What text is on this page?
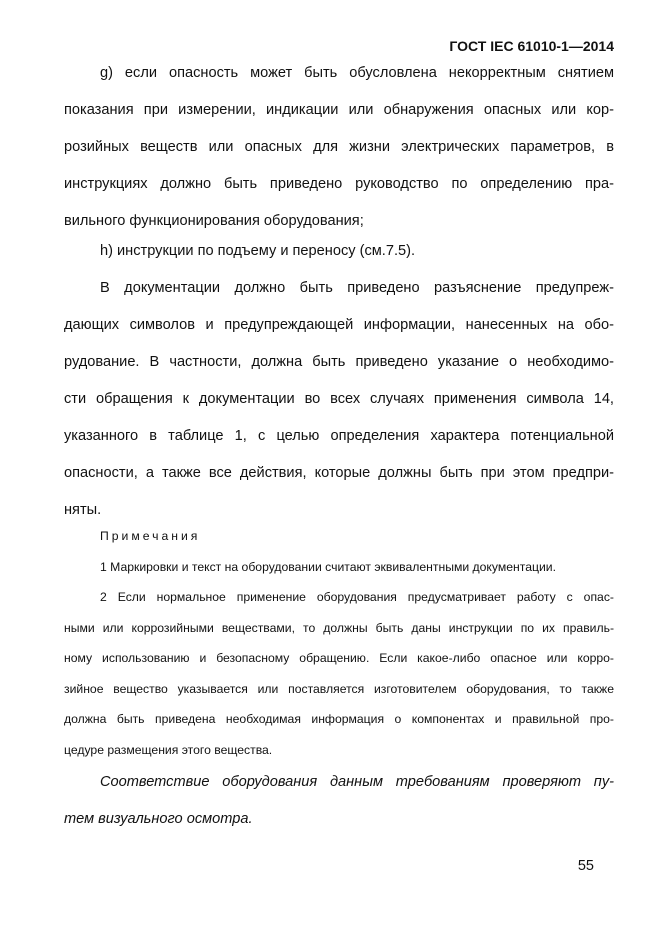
ГОСТ IEC 61010-1—2014
g) если опасность может быть обусловлена некорректным снятием
показания при измерении, индикации или обнаружения опасных или кор-
розийных веществ или опасных для жизни электрических параметров, в
инструкциях должно быть приведено руководство по определению пра-
вильного функционирования оборудования;
h) инструкции по подъему и переносу (см.7.5).
В документации должно быть приведено разъяснение предупреж-
дающих символов и предупреждающей информации, нанесенных на обо-
рудование. В частности, должна быть приведено указание о необходимо-
сти обращения к документации во всех случаях применения символа 14,
указанного в таблице 1, с целью определения характера потенциальной
опасности, а также все действия, которые должны быть при этом предпри-
няты.
Примечания
1 Маркировки и текст на оборудовании считают эквивалентными документации.
2 Если нормальное применение оборудования предусматривает работу с опас-
ными или коррозийными веществами, то должны быть даны инструкции по их правиль-
ному использованию и безопасному обращению. Если какое-либо опасное или корро-
зийное вещество указывается или поставляется изготовителем оборудования, то также
должна быть приведена необходимая информация о компонентах и правильной про-
цедуре размещения этого вещества.
Соответствие оборудования данным требованиям проверяют пу-
тем визуального осмотра.
55
